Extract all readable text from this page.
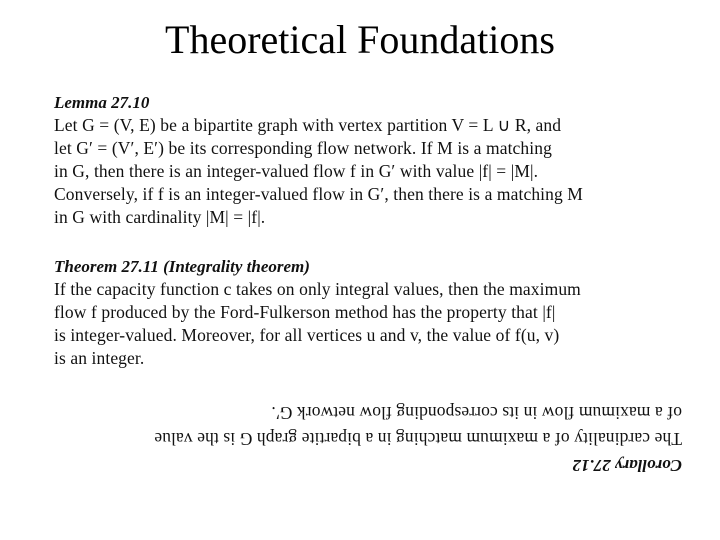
Theoretical Foundations

Lemma 27.10

Let G = (V, E) be a bipartite graph with vertex partition V = L ∪ R, and

let G′ = (V′, E′) be its corresponding flow network. If M is a matching

in G, then there is an integer-valued flow f in G′ with value |f| = |M|.

Conversely, if f is an integer-valued flow in G′, then there is a matching M

in G with cardinality |M| = |f|.

Theorem 27.11 (Integrality theorem)

If the capacity function c takes on only integral values, then the maximum

flow f produced by the Ford-Fulkerson method has the property that |f|

is integer-valued. Moreover, for all vertices u and v, the value of f(u, v)

is an integer.

Corollary 27.12

The cardinality of a maximum matching in a bipartite graph G is the value

of a maximum flow in its corresponding flow network G′.
